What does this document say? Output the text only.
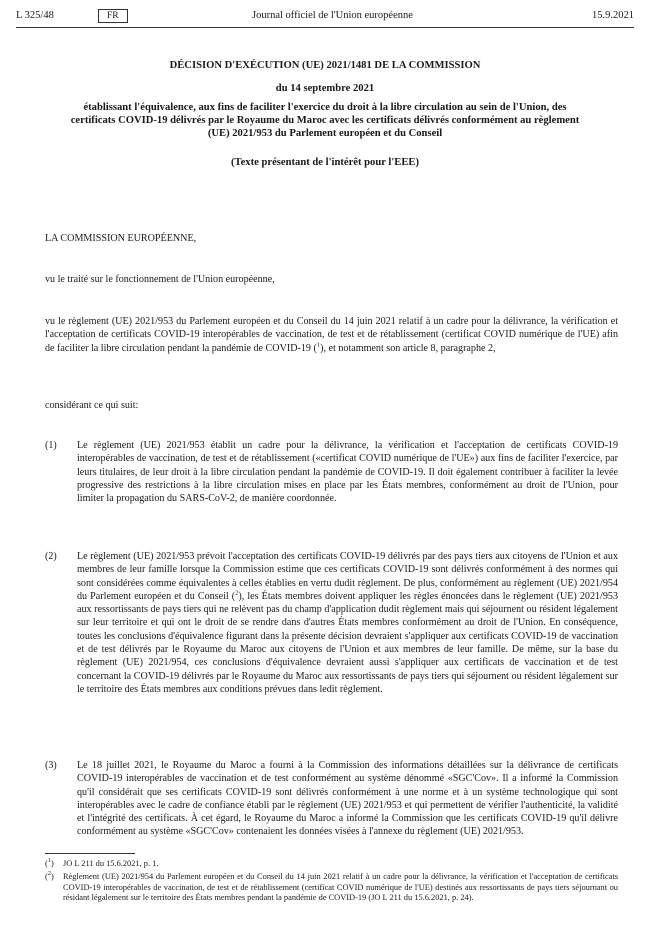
L 325/48	FR	Journal officiel de l'Union européenne	15.9.2021
DÉCISION D'EXÉCUTION (UE) 2021/1481 DE LA COMMISSION
du 14 septembre 2021
établissant l'équivalence, aux fins de faciliter l'exercice du droit à la libre circulation au sein de l'Union, des certificats COVID-19 délivrés par le Royaume du Maroc avec les certificats délivrés conformément au règlement (UE) 2021/953 du Parlement européen et du Conseil
(Texte présentant de l'intérêt pour l'EEE)

LA COMMISSION EUROPÉENNE,

vu le traité sur le fonctionnement de l'Union européenne,

vu le règlement (UE) 2021/953 du Parlement européen et du Conseil du 14 juin 2021 relatif à un cadre pour la délivrance, la vérification et l'acceptation de certificats COVID-19 interopérables de vaccination, de test et de rétablissement (certificat COVID numérique de l'UE) afin de faciliter la libre circulation pendant la pandémie de COVID-19 ($^1$), et notamment son article 8, paragraphe 2,

considérant ce qui suit:

(1) Le règlement (UE) 2021/953 établit un cadre pour la délivrance, la vérification et l'acceptation de certificats COVID-19 interopérables de vaccination, de test et de rétablissement («certificat COVID numérique de l'UE») aux fins de faciliter l'exercice, par leurs titulaires, de leur droit à la libre circulation pendant la pandémie de COVID-19. Il doit également contribuer à faciliter la levée progressive des restrictions à la libre circulation mises en place par les États membres, conformément au droit de l'Union, pour limiter la propagation du SARS-CoV-2, de manière coordonnée.
(2) Le règlement (UE) 2021/953 prévoit l'acceptation des certificats COVID-19 délivrés par des pays tiers aux citoyens de l'Union et aux membres de leur famille lorsque la Commission estime que ces certificats COVID-19 sont délivrés conformément à des normes qui sont considérées comme équivalentes à celles établies en vertu dudit règlement. De plus, conformément au règlement (UE) 2021/954 du Parlement européen et du Conseil ($^2$), les États membres doivent appliquer les règles énoncées dans le règlement (UE) 2021/953 aux ressortissants de pays tiers qui ne relèvent pas du champ d'application dudit règlement mais qui séjournent ou résident légalement sur leur territoire et qui ont le droit de se rendre dans d'autres États membres conformément au droit de l'Union. En conséquence, toutes les conclusions d'équivalence figurant dans la présente décision devraient s'appliquer aux certificats COVID-19 de vaccination et de test délivrés par le Royaume du Maroc aux citoyens de l'Union et aux membres de leur famille. De même, sur la base du règlement (UE) 2021/954, ces conclusions d'équivalence devraient aussi s'appliquer aux certificats de vaccination et de test concernant la COVID-19 délivrés par le Royaume du Maroc aux ressortissants de pays tiers qui séjournent ou résident légalement sur le territoire des États membres aux conditions prévues dans ledit règlement.
(3) Le 18 juillet 2021, le Royaume du Maroc a fourni à la Commission des informations détaillées sur la délivrance de certificats COVID-19 interopérables de vaccination et de test conformément au système dénommé «SGC'Cov». Il a informé la Commission qu'il considérait que ses certificats COVID-19 sont délivrés conformément à une norme et à un système technologique qui sont interopérables avec le cadre de confiance établi par le règlement (UE) 2021/953 et qui permettent de vérifier l'authenticité, la validité et l'intégrité des certificats. À cet égard, le Royaume du Maroc a informé la Commission que les certificats COVID-19 qu'il délivre conformément au système «SGC'Cov» contenaient les données visées à l'annexe du règlement (UE) 2021/953.
($^1$) JO L 211 du 15.6.2021, p. 1.
($^2$) Règlement (UE) 2021/954 du Parlement européen et du Conseil du 14 juin 2021 relatif à un cadre pour la délivrance, la vérification et l'acceptation de certificats COVID-19 interopérables de vaccination, de test et de rétablissement (certificat COVID numérique de l'UE) destinés aux ressortissants de pays tiers séjournant ou résidant légalement sur le territoire des États membres pendant la pandémie de COVID-19 (JO L 211 du 15.6.2021, p. 24).
